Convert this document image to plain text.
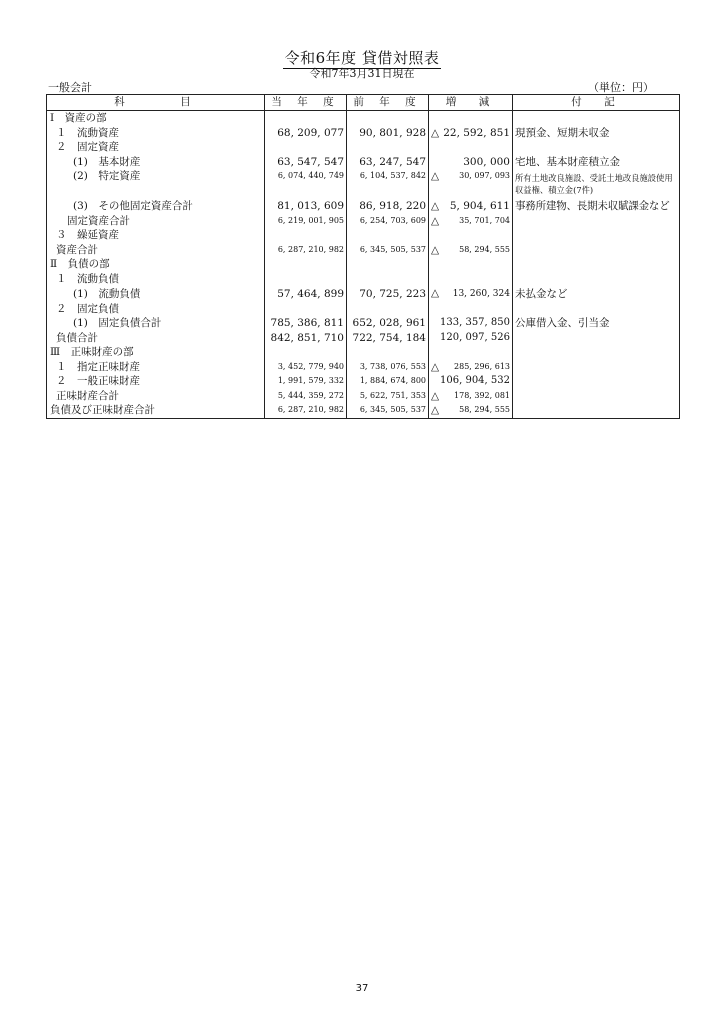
令和6年度 貸借対照表
令和7年3月31日現在
一般会計	（単位：円）
科　　　目	当 年 度	前 年 度	増　減	付　記
Ⅰ　資産の部			

１　流動資産	68, 209, 077	90, 801, 928	△ 22, 592, 851	現預金、短期未収金
２　固定資産			

(1)　基本財産	63, 547, 547	63, 247, 547	300, 000	宅地、基本財産積立金
(2)　特定資産	6, 074, 440, 749	6, 104, 537, 842	△ 30, 097, 093	所有土地改良施設、受託土地改良施設使用収益権、積立金(7件)
(3)　その他固定資産合計	81, 013, 609	86, 918, 220	△ 5, 904, 611	事務所建物、長期未収賦課金など
固定資産合計	6, 219, 001, 905	6, 254, 703, 609	△ 35, 701, 704	
３　繰延資産			

資産合計	6, 287, 210, 982	6, 345, 505, 537	△ 58, 294, 555	
Ⅱ　負債の部			

１　流動負債			

(1)　流動負債	57, 464, 899	70, 725, 223	△ 13, 260, 324	未払金など
２　固定負債			

(1)　固定負債合計	785, 386, 811	652, 028, 961	133, 357, 850	公庫借入金、引当金
負債合計	842, 851, 710	722, 754, 184	120, 097, 526	
Ⅲ　正味財産の部			

１　指定正味財産	3, 452, 779, 940	3, 738, 076, 553	△ 285, 296, 613	
２　一般正味財産	1, 991, 579, 332	1, 884, 674, 800	106, 904, 532	
正味財産合計	5, 444, 359, 272	5, 622, 751, 353	△ 178, 392, 081	
負債及び正味財産合計	6, 287, 210, 982	6, 345, 505, 537	△ 58, 294, 555	
37
